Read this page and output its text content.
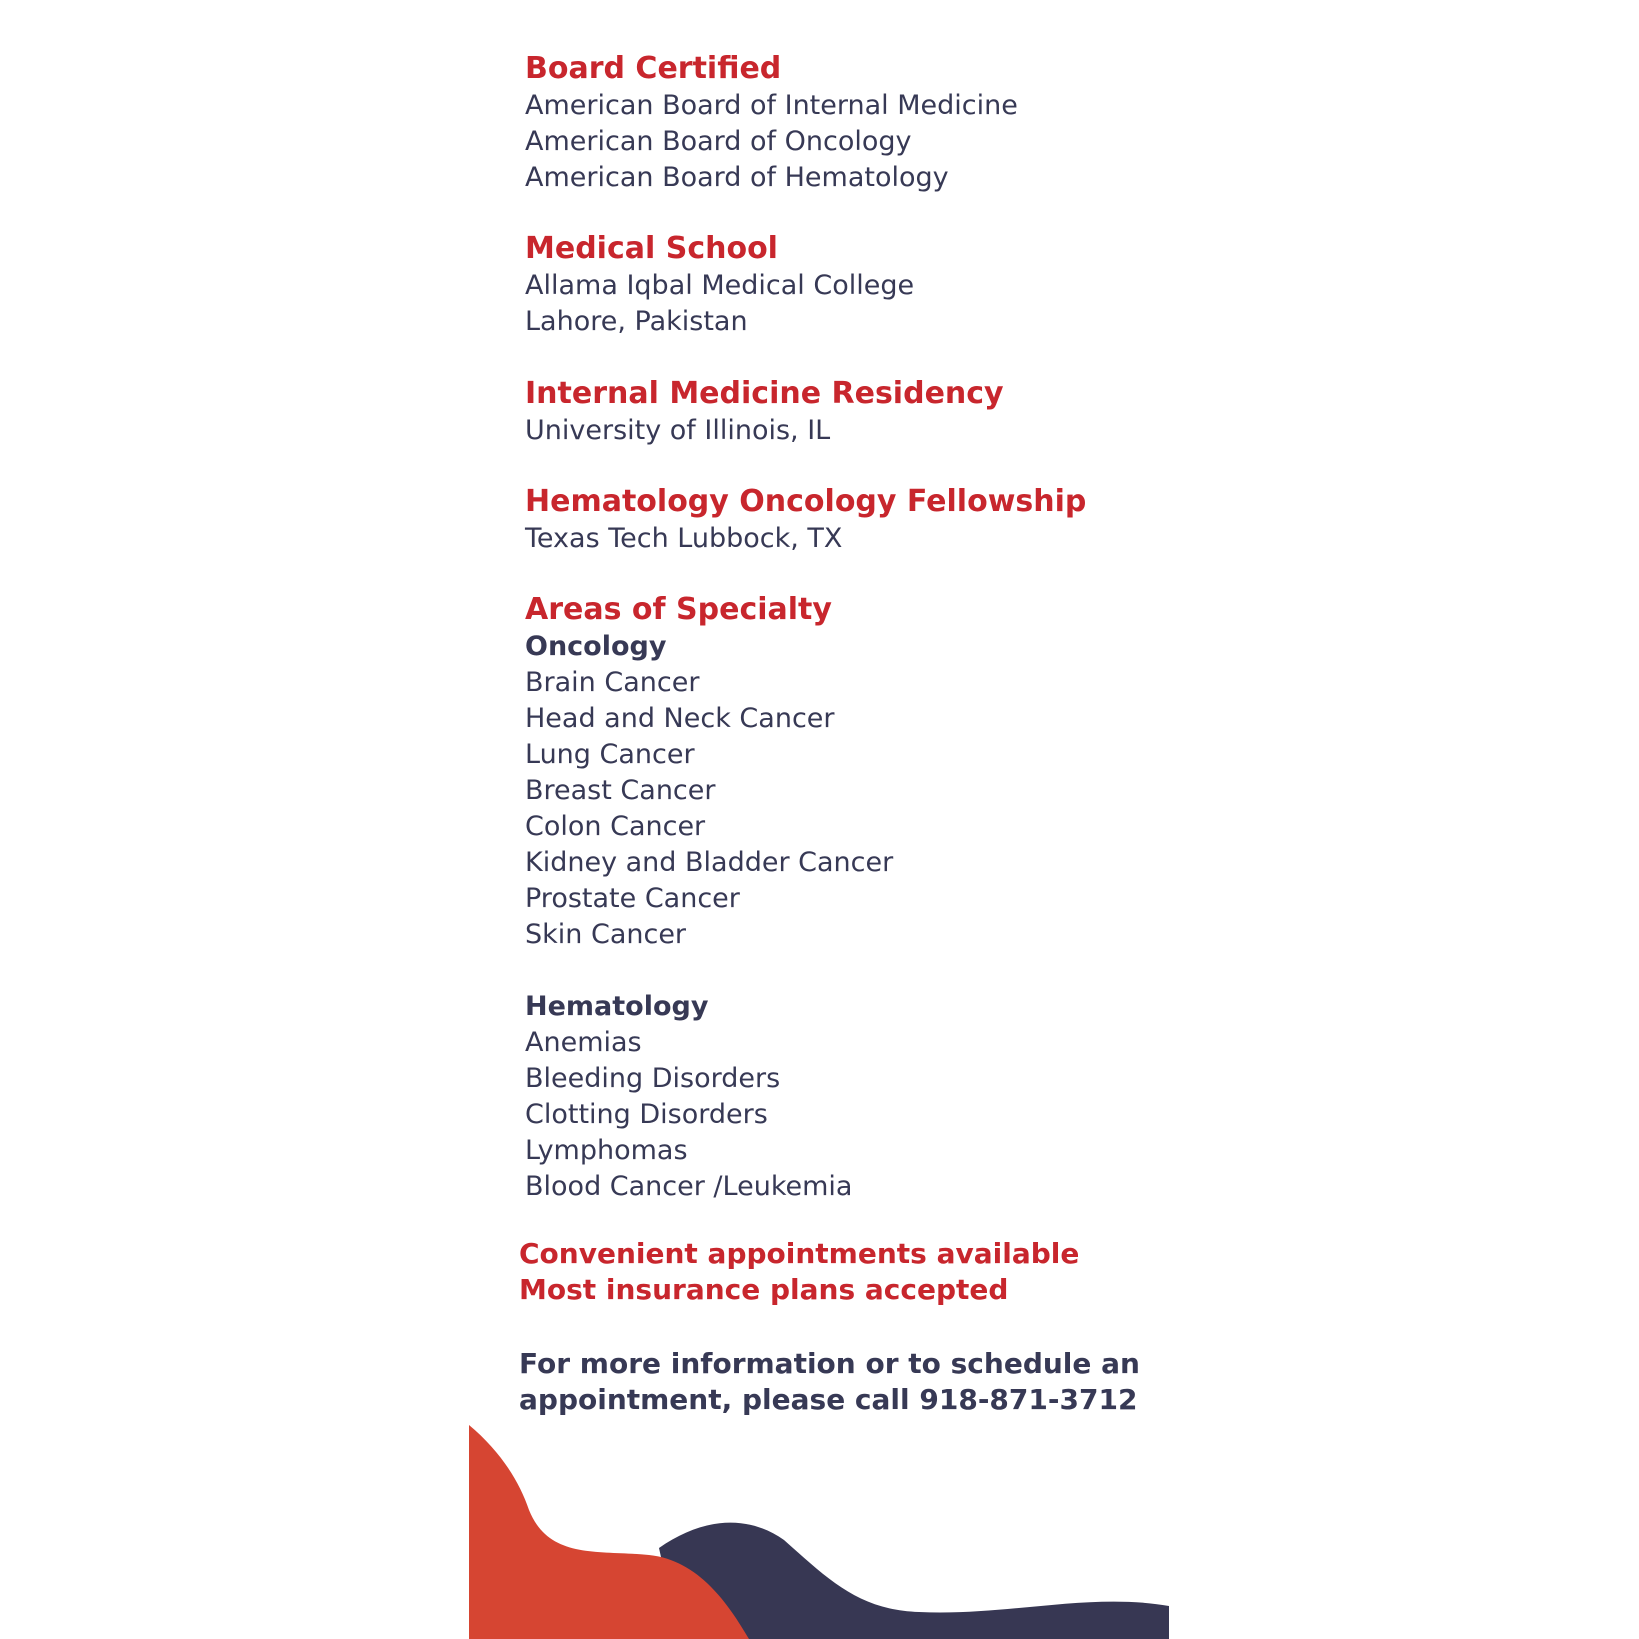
Board Certified
American Board of Internal Medicine
American Board of Oncology
American Board of Hematology
Medical School
Allama Iqbal Medical College
Lahore, Pakistan
Internal Medicine Residency
University of Illinois, IL
Hematology Oncology Fellowship
Texas Tech Lubbock, TX
Areas of Specialty
Oncology
Brain Cancer
Head and Neck Cancer
Lung Cancer
Breast Cancer
Colon Cancer
Kidney and Bladder Cancer
Prostate Cancer
Skin Cancer
Hematology
Anemias
Bleeding Disorders
Clotting Disorders
Lymphomas
Blood Cancer /Leukemia
Convenient appointments available
Most insurance plans accepted
For more information or to schedule an
appointment, please call 918-871-3712
